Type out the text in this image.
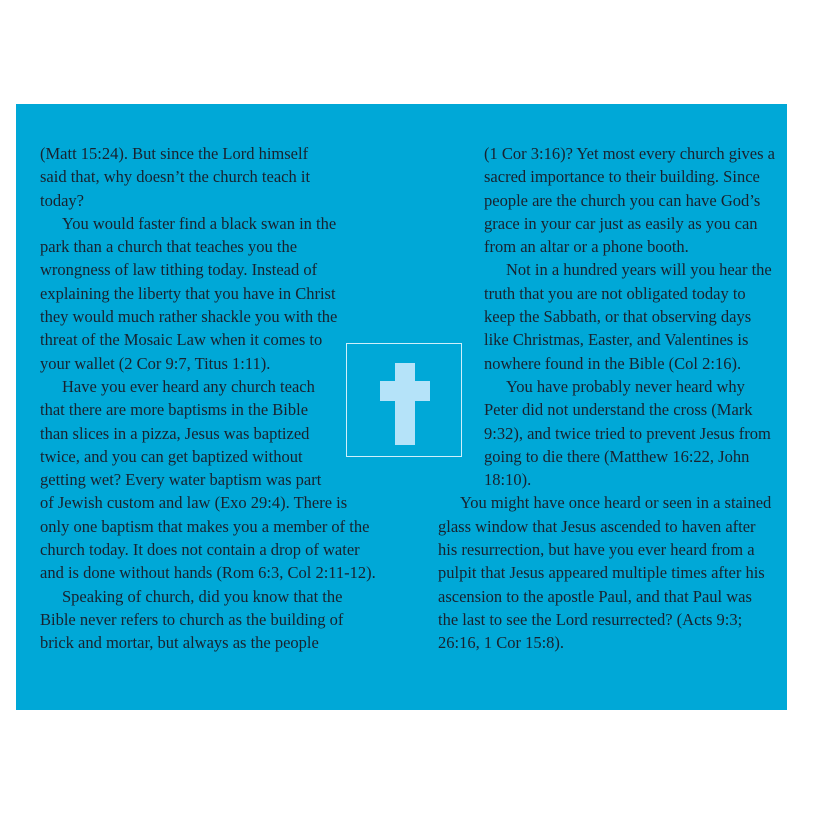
(Matt 15:24). But since the Lord himself said that, why doesn’t the church teach it today?

You would faster find a black swan in the park than a church that teaches you the wrongness of law tithing today. Instead of explaining the liberty that you have in Christ they would much rather shackle you with the threat of the Mosaic Law when it comes to your wallet (2 Cor 9:7, Titus 1:11).

Have you ever heard any church teach that there are more baptisms in the Bible than slices in a pizza, Jesus was baptized twice, and you can get baptized without getting wet? Every water baptism was part of Jewish custom and law (Exo 29:4). There is only one baptism that makes you a member of the church today. It does not contain a drop of water and is done without hands (Rom 6:3, Col 2:11-12).

Speaking of church, did you know that the Bible never refers to church as the building of brick and mortar, but always as the people

(1 Cor 3:16)? Yet most every church gives a sacred importance to their building. Since people are the church you can have God’s grace in your car just as easily as you can from an altar or a phone booth.

Not in a hundred years will you hear the truth that you are not obligated today to keep the Sabbath, or that observing days like Christmas, Easter, and Valentines is nowhere found in the Bible (Col 2:16).

You have probably never heard why Peter did not understand the cross (Mark 9:32), and twice tried to prevent Jesus from going to die there (Matthew 16:22, John 18:10).

You might have once heard or seen in a stained glass window that Jesus ascended to haven after his resurrection, but have you ever heard from a pulpit that Jesus appeared multiple times after his ascension to the apostle Paul, and that Paul was the last to see the Lord resurrected? (Acts 9:3; 26:16, 1 Cor 15:8).
